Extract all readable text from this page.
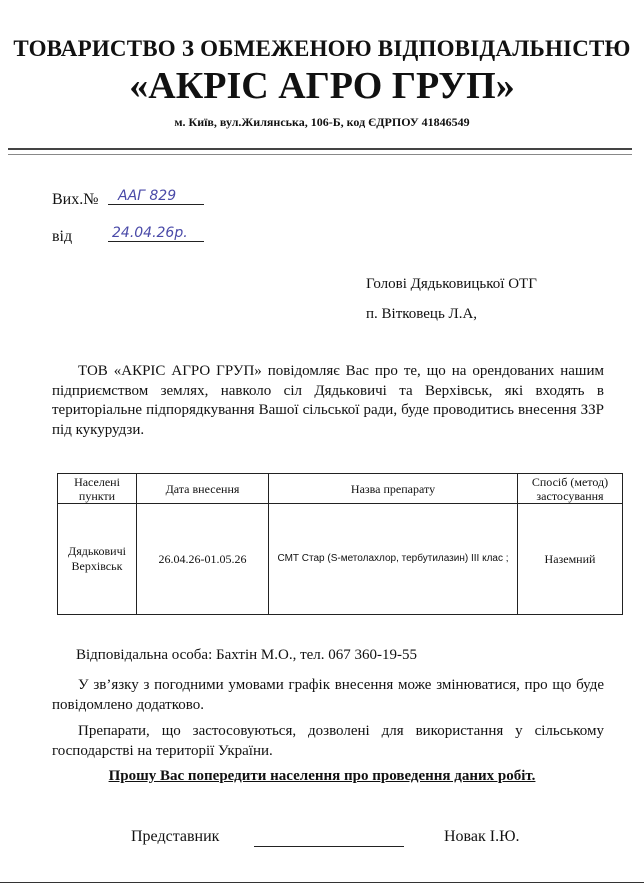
ТОВАРИСТВО З ОБМЕЖЕНОЮ ВІДПОВІДАЛЬНІСТЮ
«АКРІС АГРО ГРУП»
м. Київ, вул.Жилянська, 106-Б, код ЄДРПОУ 41846549
Вих.№	ААГ 829
від	24.04.26р.
Голові Дядьковицької ОТГ
п. Вітковець Л.А,
ТОВ «АКРІС АГРО ГРУП» повідомляє Вас про те, що на орендованих нашим підприємством землях, навколо сіл Дядьковичі та Верхівськ, які входять в територіальне підпорядкування Вашої сільської ради, буде проводитись внесення ЗЗР під кукурудзи.
Населені пункти	Дата внесення	Назва препарату	Спосіб (метод) застосування
Дядьковичі Верхівськ	26.04.26-01.05.26	СМТ Стар (S-метолахлор, тербутилазин) ІІІ клас ;	Наземний
Відповідальна особа: Бахтін М.О., тел. 067 360-19-55
У зв’язку з погодними умовами графік внесення може змінюватися, про що буде повідомлено додатково.
Препарати, що застосовуються, дозволені для використання у сільському господарстві на території України.
Прошу Вас попередити населення про проведення даних робіт.
Представник	Новак І.Ю.
